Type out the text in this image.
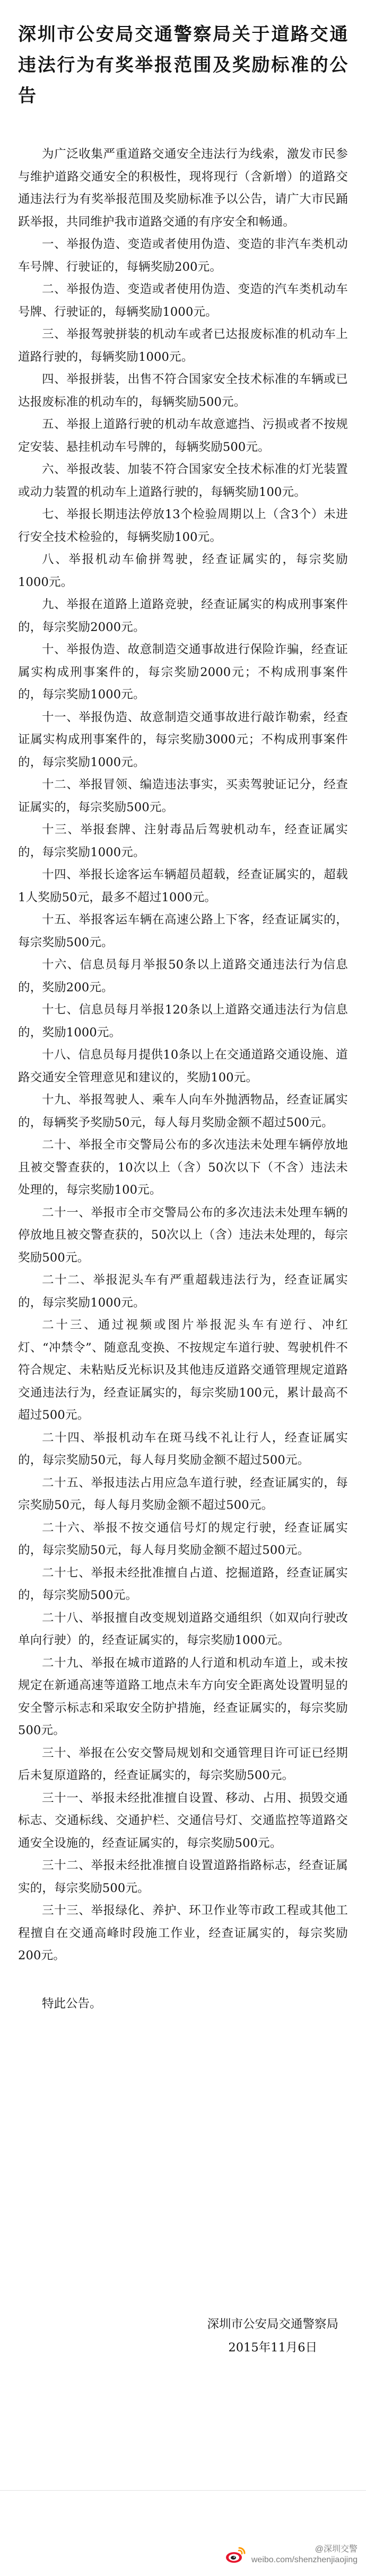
深圳市公安局交通警察局关于道路交通违法行为有奖举报范围及奖励标准的公告

为广泛收集严重道路交通安全违法行为线索，激发市民参与维护道路交通安全的积极性，现将现行（含新增）的道路交通违法行为有奖举报范围及奖励标准予以公告，请广大市民踊跃举报，共同维护我市道路交通的有序安全和畅通。

一、举报伪造、变造或者使用伪造、变造的非汽车类机动车号牌、行驶证的，每辆奖励200元。

二、举报伪造、变造或者使用伪造、变造的汽车类机动车号牌、行驶证的，每辆奖励1000元。

三、举报驾驶拼装的机动车或者已达报废标准的机动车上道路行驶的，每辆奖励1000元。

四、举报拼装，出售不符合国家安全技术标准的车辆或已达报废标准的机动车的，每辆奖励500元。

五、举报上道路行驶的机动车故意遮挡、污损或者不按规定安装、悬挂机动车号牌的，每辆奖励500元。

六、举报改装、加装不符合国家安全技术标准的灯光装置或动力装置的机动车上道路行驶的，每辆奖励100元。

七、举报长期违法停放13个检验周期以上（含3个）未进行安全技术检验的，每辆奖励100元。

八、举报机动车偷拼驾驶，经查证属实的，每宗奖励1000元。

九、举报在道路上道路竞驶，经查证属实的构成刑事案件的，每宗奖励2000元。

十、举报伪造、故意制造交通事故进行保险诈骗，经查证属实构成刑事案件的，每宗奖励2000元；不构成刑事案件的，每宗奖励1000元。

十一、举报伪造、故意制造交通事故进行敲诈勒索，经查证属实构成刑事案件的，每宗奖励3000元；不构成刑事案件的，每宗奖励1000元。

十二、举报冒领、编造违法事实，买卖驾驶证记分，经查证属实的，每宗奖励500元。

十三、举报套牌、注射毒品后驾驶机动车，经查证属实的，每宗奖励1000元。

十四、举报长途客运车辆超员超载，经查证属实的，超载1人奖励50元，最多不超过1000元。

十五、举报客运车辆在高速公路上下客，经查证属实的，每宗奖励500元。

十六、信息员每月举报50条以上道路交通违法行为信息的，奖励200元。

十七、信息员每月举报120条以上道路交通违法行为信息的，奖励1000元。

十八、信息员每月提供10条以上在交通道路交通设施、道路交通安全管理意见和建议的，奖励100元。

十九、举报驾驶人、乘车人向车外抛洒物品，经查证属实的，每辆奖予奖励50元，每人每月奖励金额不超过500元。

二十、举报全市交警局公布的多次违法未处理车辆停放地且被交警查获的，10次以上（含）50次以下（不含）违法未处理的，每宗奖励100元。

二十一、举报市全市交警局公布的多次违法未处理车辆的停放地且被交警查获的，50次以上（含）违法未处理的，每宗奖励500元。

二十二、举报泥头车有严重超载违法行为，经查证属实的，每宗奖励1000元。

二十三、通过视频或图片举报泥头车有逆行、冲红灯、“冲禁令”、随意乱变换、不按规定车道行驶、驾驶机件不符合规定、未粘贴反光标识及其他违反道路交通管理规定道路交通违法行为，经查证属实的，每宗奖励100元，累计最高不超过500元。

二十四、举报机动车在斑马线不礼让行人，经查证属实的，每宗奖励50元，每人每月奖励金额不超过500元。

二十五、举报违法占用应急车道行驶，经查证属实的，每宗奖励50元，每人每月奖励金额不超过500元。

二十六、举报不按交通信号灯的规定行驶，经查证属实的，每宗奖励50元，每人每月奖励金额不超过500元。

二十七、举报未经批准擅自占道、挖掘道路，经查证属实的，每宗奖励500元。

二十八、举报擅自改变规划道路交通组织（如双向行驶改单向行驶）的，经查证属实的，每宗奖励1000元。

二十九、举报在城市道路的人行道和机动车道上，或未按规定在新通高速等道路工地点未车方向安全距离处设置明显的安全警示标志和采取安全防护措施，经查证属实的，每宗奖励500元。

三十、举报在公安交警局规划和交通管理目许可证已经期后未复原道路的，经查证属实的，每宗奖励500元。

三十一、举报未经批准擅自设置、移动、占用、损毁交通标志、交通标线、交通护栏、交通信号灯、交通监控等道路交通安全设施的，经查证属实的，每宗奖励500元。

三十二、举报未经批准擅自设置道路指路标志，经查证属实的，每宗奖励500元。

三十三、举报绿化、养护、环卫作业等市政工程或其他工程擅自在交通高峰时段施工作业，经查证属实的，每宗奖励200元。

特此公告。

深圳市公安局交通警察局
2015年11月6日
@深圳交警
weibo.com/shenzhenjiaojing
